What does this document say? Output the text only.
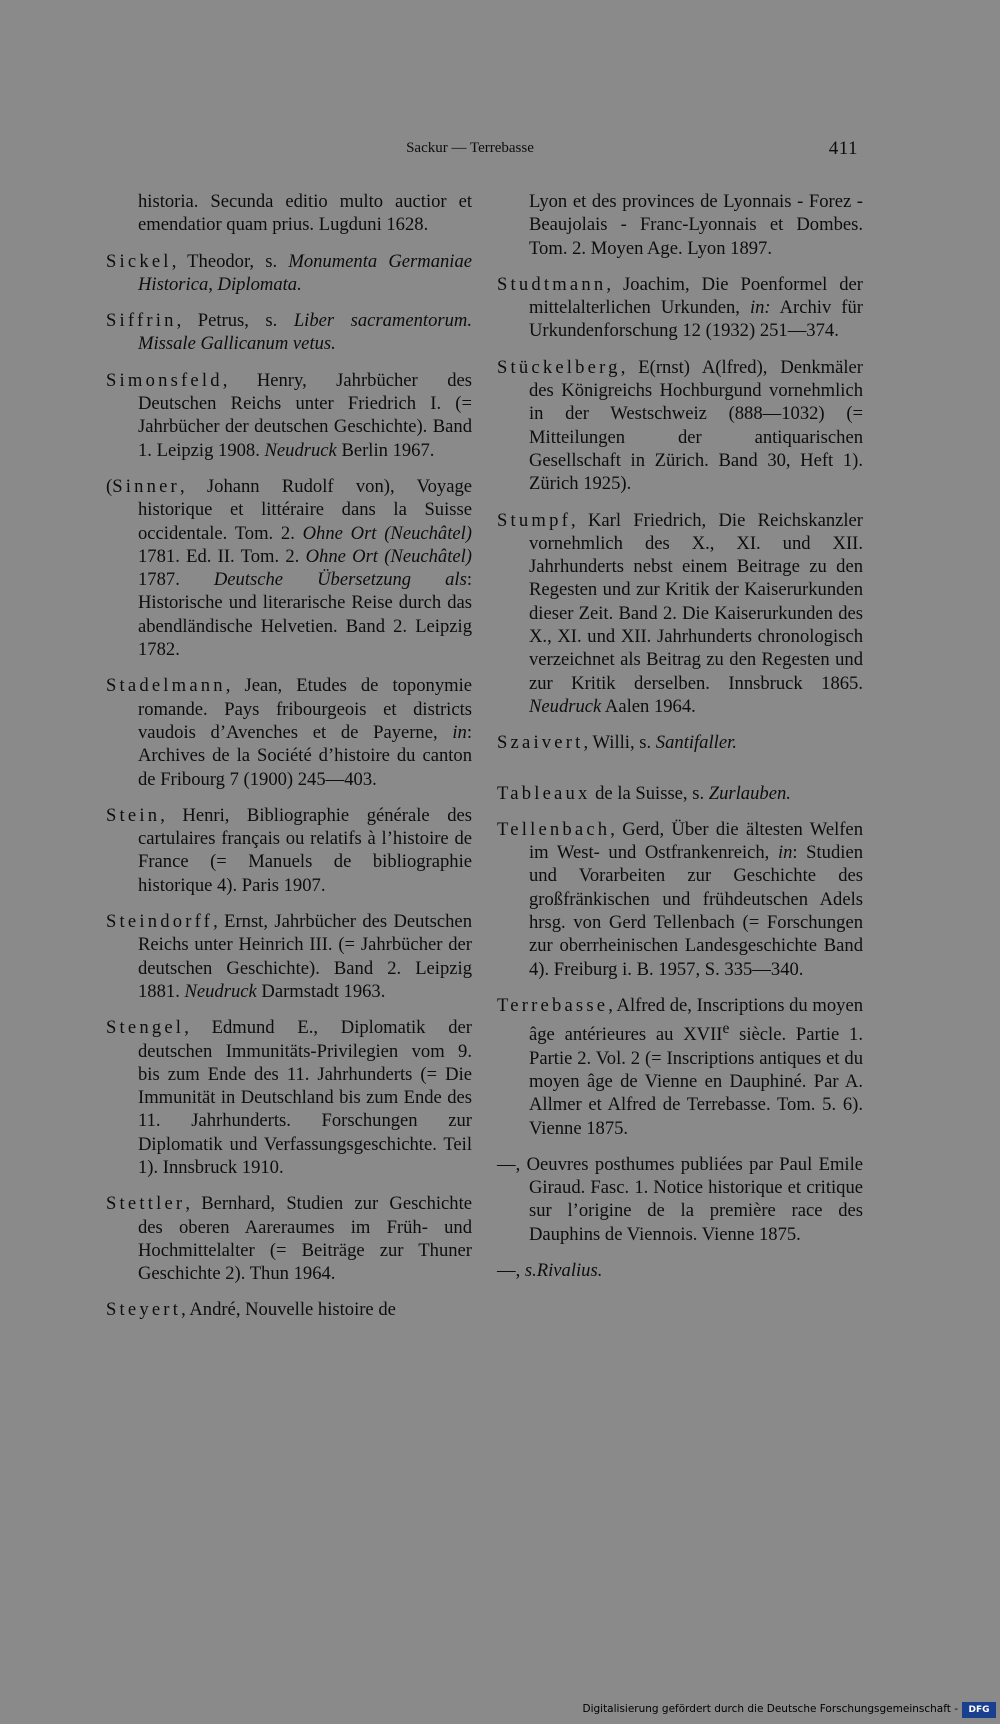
Sackur — Terrebasse	411

historia. Secunda editio multo auctior et emendatior quam prius. Lugduni 1628.

Sickel, Theodor, s. Monumenta Germaniae Historica, Diplomata.

Siffrin, Petrus, s. Liber sacramentorum. Missale Gallicanum vetus.

Simonsfeld, Henry, Jahrbücher des Deutschen Reichs unter Friedrich I. (= Jahrbücher der deutschen Geschichte). Band 1. Leipzig 1908. Neudruck Berlin 1967.

(Sinner, Johann Rudolf von), Voyage historique et littéraire dans la Suisse occidentale. Tom. 2. Ohne Ort (Neuchâtel) 1781. Ed. II. Tom. 2. Ohne Ort (Neuchâtel) 1787. Deutsche Übersetzung als: Historische und literarische Reise durch das abendländische Helvetien. Band 2. Leipzig 1782.

Stadelmann, Jean, Etudes de toponymie romande. Pays fribourgeois et districts vaudois d’Avenches et de Payerne, in: Archives de la Société d’histoire du canton de Fribourg 7 (1900) 245—403.

Stein, Henri, Bibliographie générale des cartulaires français ou relatifs à l’histoire de France (= Manuels de bibliographie historique 4). Paris 1907.

Steindorff, Ernst, Jahrbücher des Deutschen Reichs unter Heinrich III. (= Jahrbücher der deutschen Geschichte). Band 2. Leipzig 1881. Neudruck Darmstadt 1963.

Stengel, Edmund E., Diplomatik der deutschen Immunitäts-Privilegien vom 9. bis zum Ende des 11. Jahrhunderts (= Die Immunität in Deutschland bis zum Ende des 11. Jahrhunderts. Forschungen zur Diplomatik und Verfassungsgeschichte. Teil 1). Innsbruck 1910.

Stettler, Bernhard, Studien zur Geschichte des oberen Aareraumes im Früh- und Hochmittelalter (= Beiträge zur Thuner Geschichte 2). Thun 1964.

Steyert, André, Nouvelle histoire de

Lyon et des provinces de Lyonnais - Forez - Beaujolais - Franc-Lyonnais et Dombes. Tom. 2. Moyen Age. Lyon 1897.

Studtmann, Joachim, Die Poenformel der mittelalterlichen Urkunden, in: Archiv für Urkundenforschung 12 (1932) 251—374.

Stückelberg, E(rnst) A(lfred), Denkmäler des Königreichs Hochburgund vornehmlich in der Westschweiz (888—1032) (= Mitteilungen der antiquarischen Gesellschaft in Zürich. Band 30, Heft 1). Zürich 1925).

Stumpf, Karl Friedrich, Die Reichskanzler vornehmlich des X., XI. und XII. Jahrhunderts nebst einem Beitrage zu den Regesten und zur Kritik der Kaiserurkunden dieser Zeit. Band 2. Die Kaiserurkunden des X., XI. und XII. Jahrhunderts chronologisch verzeichnet als Beitrag zu den Regesten und zur Kritik derselben. Innsbruck 1865. Neudruck Aalen 1964.

Szaivert, Willi, s. Santifaller.

Tableaux de la Suisse, s. Zurlauben.

Tellenbach, Gerd, Über die ältesten Welfen im West- und Ostfrankenreich, in: Studien und Vorarbeiten zur Geschichte des großfränkischen und frühdeutschen Adels hrsg. von Gerd Tellenbach (= Forschungen zur oberrheinischen Landesgeschichte Band 4). Freiburg i. B. 1957, S. 335—340.

Terrebasse, Alfred de, Inscriptions du moyen âge antérieures au XVIIe siècle. Partie 1. Partie 2. Vol. 2 (= Inscriptions antiques et du moyen âge de Vienne en Dauphiné. Par A. Allmer et Alfred de Terrebasse. Tom. 5. 6). Vienne 1875.

—, Oeuvres posthumes publiées par Paul Emile Giraud. Fasc. 1. Notice historique et critique sur l’origine de la première race des Dauphins de Viennois. Vienne 1875.

—, s.Rivalius.

Digitalisierung gefördert durch die Deutsche Forschungsgemeinschaft -	DFG
